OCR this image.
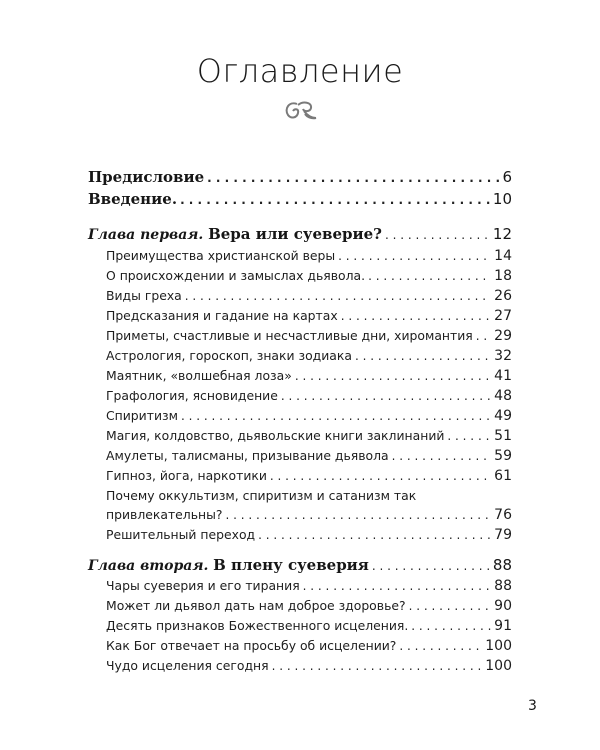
Оглавление
Предисловие . . .	6
Введение. . . .	10
Глава первая. Вера или суеверие? . . .	12
Преимущества христианской веры . . .	14
О происхождении и замыслах дьявола. . . .	18
Виды греха . . .	26
Предсказания и гадание на картах . . .	27
Приметы, счастливые и несчастливые дни, хиромантия . . . 29
Астрология, гороскоп, знаки зодиака . . .	32
Маятник, «волшебная лоза» . . .	41
Графология, ясновидение . . .	48
Спиритизм . . .	49
Магия, колдовство, дьявольские книги заклинаний . . .	51
Амулеты, талисманы, призывание дьявола . . .	59
Гипноз, йога, наркотики . . .	61
Почему оккультизм, спиритизм и сатанизм так
привлекательны? . . .	76
Решительный переход . . .	79
Глава вторая. В плену суеверия . . .	88
Чары суеверия и его тирания . . .	88
Может ли дьявол дать нам доброе здоровье? . . .	90
Десять признаков Божественного исцеления. . . .	91
Как Бог отвечает на просьбу об исцелении? . . .	100
Чудо исцеления сегодня . . .	100
3
